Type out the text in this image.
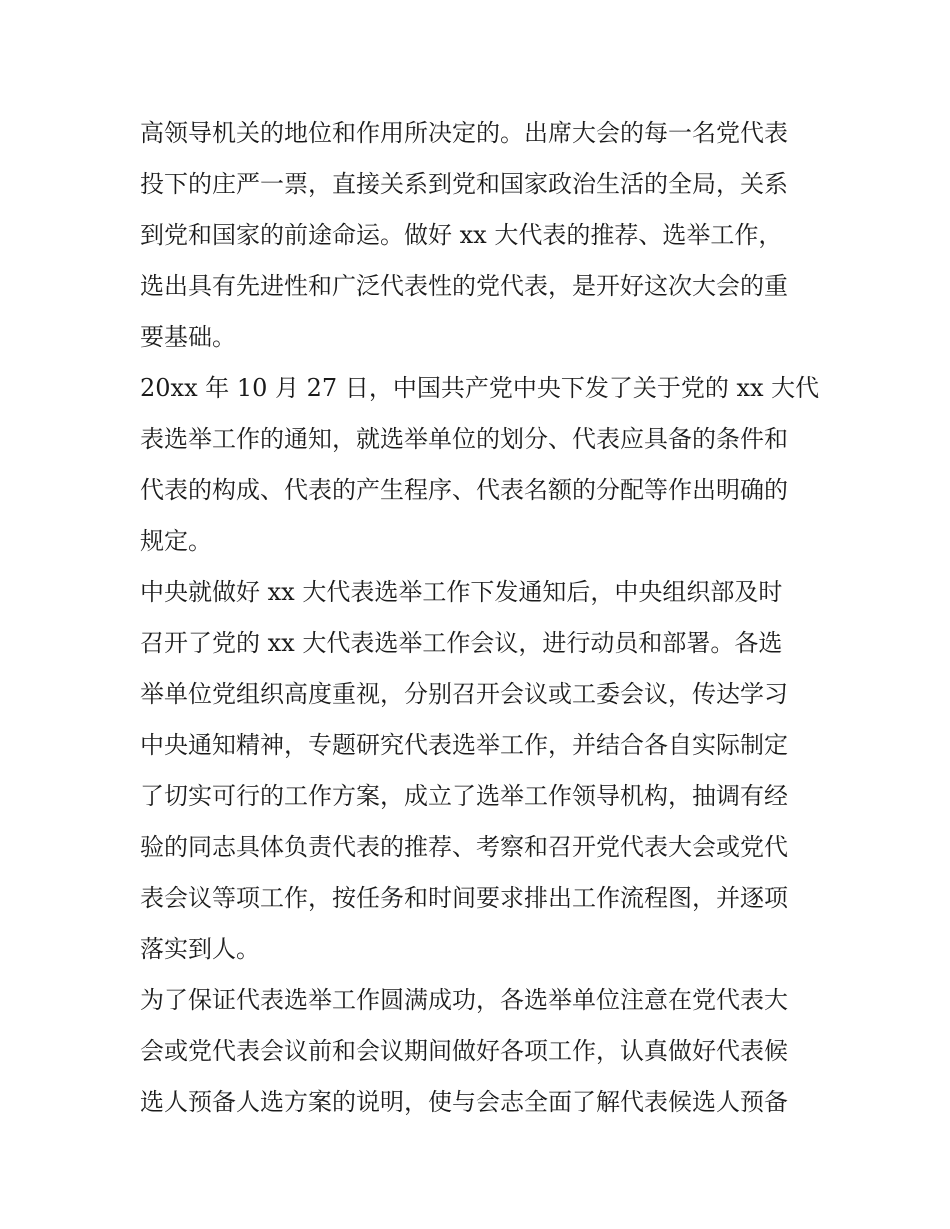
高领导机关的地位和作用所决定的。出席大会的每一名党代表
投下的庄严一票，直接关系到党和国家政治生活的全局，关系
到党和国家的前途命运。做好 xx 大代表的推荐、选举工作，
选出具有先进性和广泛代表性的党代表，是开好这次大会的重
要基础。
20xx 年 10 月 27 日，中国共产党中央下发了关于党的 xx 大代
表选举工作的通知，就选举单位的划分、代表应具备的条件和
代表的构成、代表的产生程序、代表名额的分配等作出明确的
规定。
中央就做好 xx 大代表选举工作下发通知后，中央组织部及时
召开了党的 xx 大代表选举工作会议，进行动员和部署。各选
举单位党组织高度重视，分别召开会议或工委会议，传达学习
中央通知精神，专题研究代表选举工作，并结合各自实际制定
了切实可行的工作方案，成立了选举工作领导机构，抽调有经
验的同志具体负责代表的推荐、考察和召开党代表大会或党代
表会议等项工作，按任务和时间要求排出工作流程图，并逐项
落实到人。
为了保证代表选举工作圆满成功，各选举单位注意在党代表大
会或党代表会议前和会议期间做好各项工作，认真做好代表候
选人预备人选方案的说明，使与会志全面了解代表候选人预备
